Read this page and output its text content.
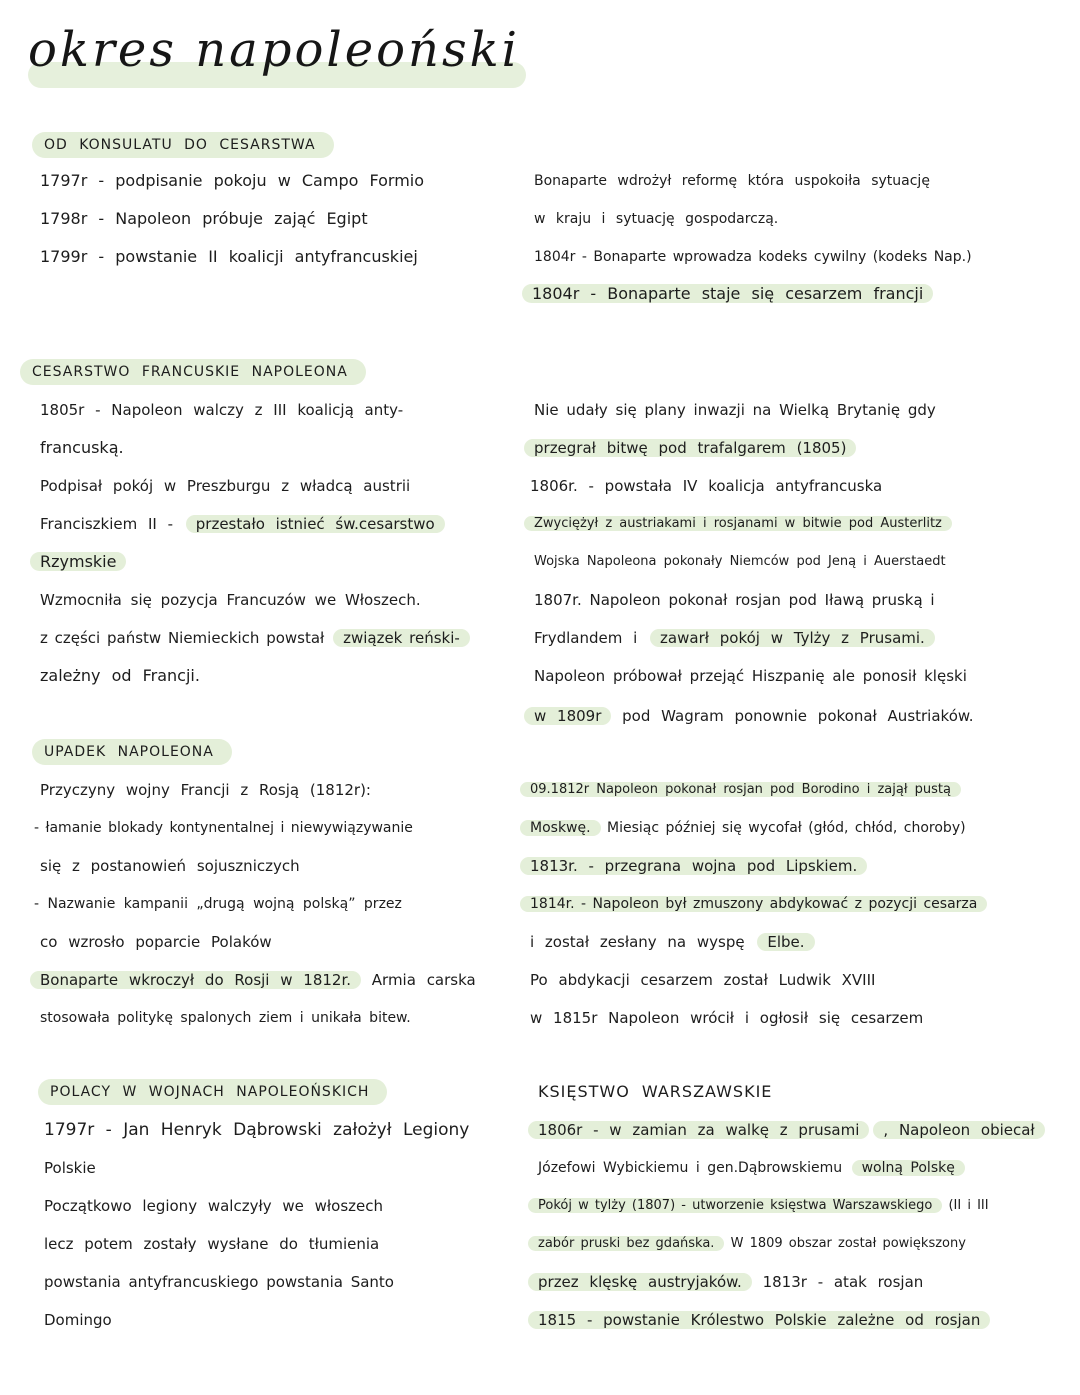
okres napoleoński
OD KONSULATU DO CESARSTWA
1797r - podpisanie pokoju w Campo Formio
1798r - Napoleon próbuje zająć Egipt
1799r - powstanie II koalicji antyfrancuskiej
Bonaparte wdrożył reformę która uspokoiła sytuację
w kraju i sytuację gospodarczą.
1804r - Bonaparte wprowadza kodeks cywilny (kodeks Nap.)
1804r - Bonaparte staje się cesarzem francji
CESARSTWO FRANCUSKIE NAPOLEONA
1805r - Napoleon walczy z III koalicją anty-
francuską.
Podpisał pokój w Preszburgu z władcą austrii
Franciszkiem II - przestało istnieć św.cesarstwo
Rzymskie
Wzmocniła się pozycja Francuzów we Włoszech.
z części państw Niemieckich powstał związek reński-
zależny od Francji.
Nie udały się plany inwazji na Wielką Brytanię gdy
przegrał bitwę pod trafalgarem (1805)
1806r. - powstała IV koalicja antyfrancuska
Zwyciężył z austriakami i rosjanami w bitwie pod Austerlitz
Wojska Napoleona pokonały Niemców pod Jeną i Auerstaedt
1807r. Napoleon pokonał rosjan pod Iławą pruską i
Frydlandem i zawarł pokój w Tylży z Prusami.
Napoleon próbował przejąć Hiszpanię ale ponosił klęski
w 1809r pod Wagram ponownie pokonał Austriaków.
UPADEK NAPOLEONA
Przyczyny wojny Francji z Rosją (1812r):
- łamanie blokady kontynentalnej i niewywiązywanie
się z postanowień sojuszniczych
- Nazwanie kampanii „drugą wojną polską” przez
co wzrosło poparcie Polaków
Bonaparte wkroczył do Rosji w 1812r. Armia carska
stosowała politykę spalonych ziem i unikała bitew.
09.1812r Napoleon pokonał rosjan pod Borodino i zajął pustą
Moskwę. Miesiąc później się wycofał (głód, chłód, choroby)
1813r. - przegrana wojna pod Lipskiem.
1814r. - Napoleon był zmuszony abdykować z pozycji cesarza
i został zesłany na wyspę Elbe.
Po abdykacji cesarzem został Ludwik XVIII
w 1815r Napoleon wrócił i ogłosił się cesarzem
POLACY W WOJNACH NAPOLEOŃSKICH
1797r - Jan Henryk Dąbrowski założył Legiony
Polskie
Początkowo legiony walczyły we włoszech
lecz potem zostały wysłane do tłumienia
powstania antyfrancuskiego powstania Santo
Domingo
KSIĘSTWO WARSZAWSKIE
1806r - w zamian za walkę z prusami , Napoleon obiecał
Józefowi Wybickiemu i gen.Dąbrowskiemu wolną Polskę
Pokój w tylży (1807) - utworzenie księstwa Warszawskiego (II i III
zabór pruski bez gdańska. W 1809 obszar został powiększony
przez klęskę austryjaków. 1813r - atak rosjan
1815 - powstanie Królestwo Polskie zależne od rosjan
